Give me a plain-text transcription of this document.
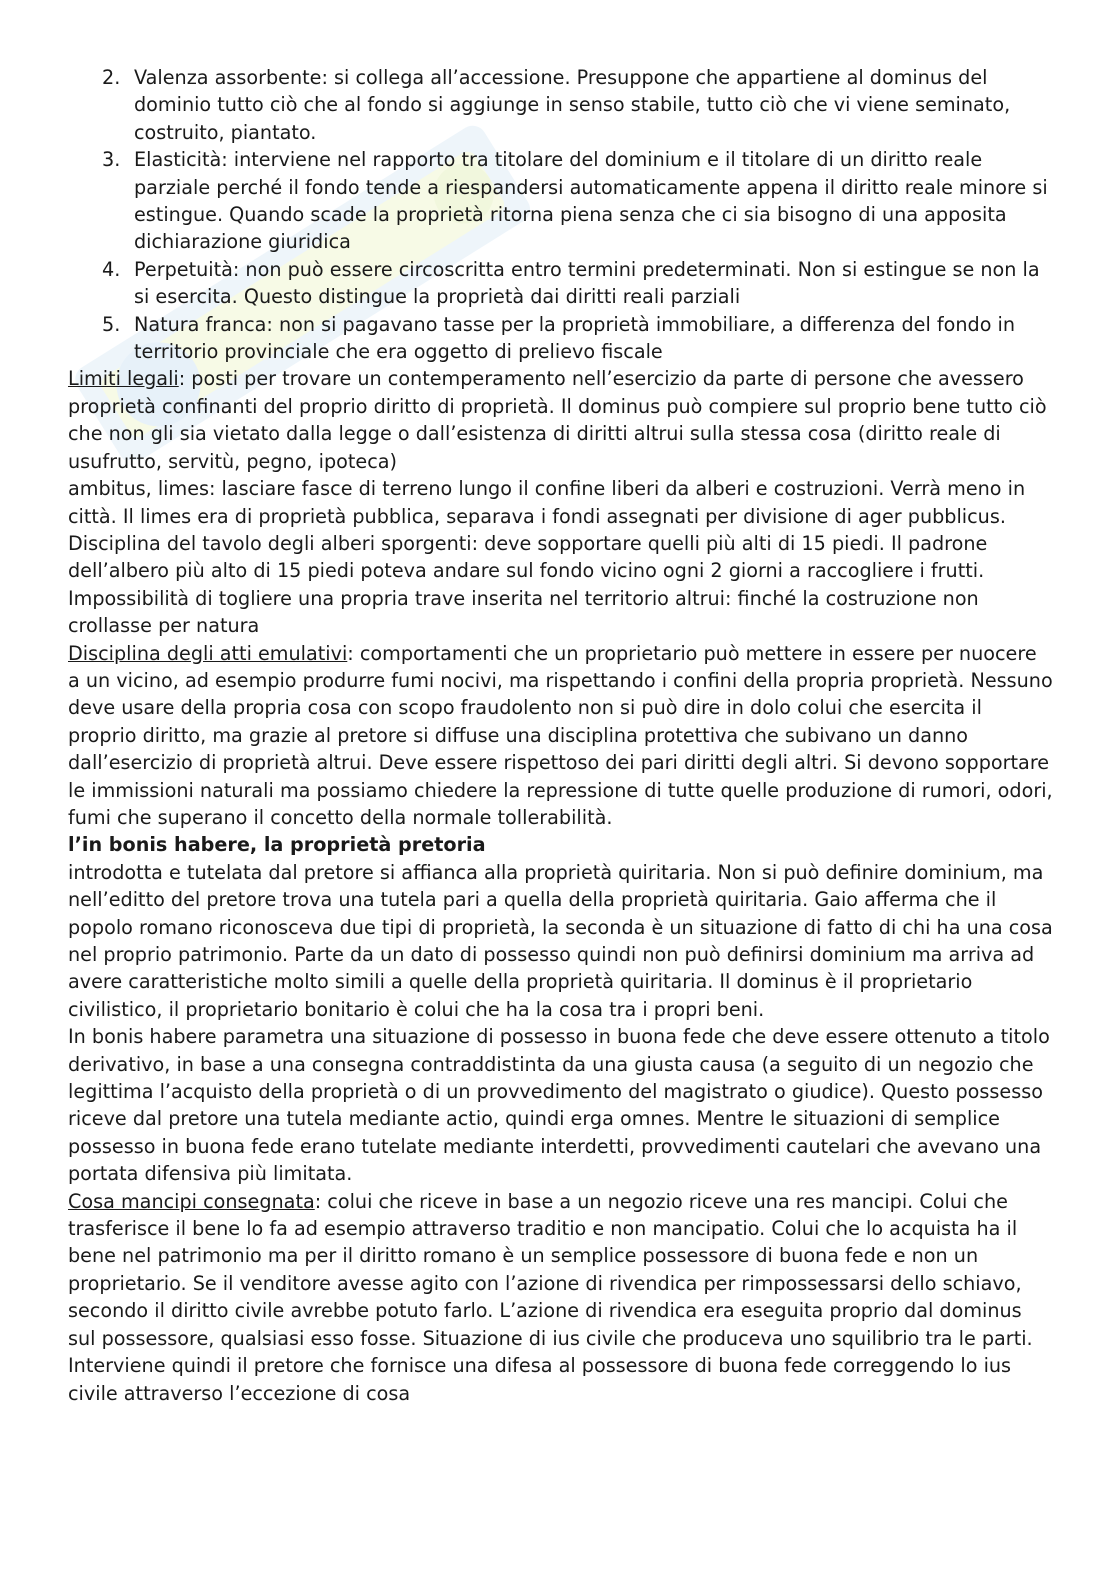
2. Valenza assorbente: si collega all’accessione. Presuppone che appartiene al dominus del dominio tutto ciò che al fondo si aggiunge in senso stabile, tutto ciò che vi viene seminato, costruito, piantato.
3. Elasticità: interviene nel rapporto tra titolare del dominium e il titolare di un diritto reale parziale perché il fondo tende a riespandersi automaticamente appena il diritto reale minore si estingue. Quando scade la proprietà ritorna piena senza che ci sia bisogno di una apposita dichiarazione giuridica
4. Perpetuità: non può essere circoscritta entro termini predeterminati. Non si estingue se non la si esercita. Questo distingue la proprietà dai diritti reali parziali
5. Natura franca: non si pagavano tasse per la proprietà immobiliare, a differenza del fondo in territorio provinciale che era oggetto di prelievo fiscale

Limiti legali: posti per trovare un contemperamento nell’esercizio da parte di persone che avessero proprietà confinanti del proprio diritto di proprietà. Il dominus può compiere sul proprio bene tutto ciò che non gli sia vietato dalla legge o dall’esistenza di diritti altrui sulla stessa cosa (diritto reale di usufrutto, servitù, pegno, ipoteca)

ambitus, limes: lasciare fasce di terreno lungo il confine liberi da alberi e costruzioni. Verrà meno in città. Il limes era di proprietà pubblica, separava i fondi assegnati per divisione di ager pubblicus.

Disciplina del tavolo degli alberi sporgenti: deve sopportare quelli più alti di 15 piedi. Il padrone dell’albero più alto di 15 piedi poteva andare sul fondo vicino ogni 2 giorni a raccogliere i frutti.

Impossibilità di togliere una propria trave inserita nel territorio altrui: finché la costruzione non crollasse per natura

Disciplina degli atti emulativi: comportamenti che un proprietario può mettere in essere per nuocere a un vicino, ad esempio produrre fumi nocivi, ma rispettando i confini della propria proprietà. Nessuno deve usare della propria cosa con scopo fraudolento non si può dire in dolo colui che esercita il proprio diritto, ma grazie al pretore si diffuse una disciplina protettiva che subivano un danno dall’esercizio di proprietà altrui. Deve essere rispettoso dei pari diritti degli altri. Si devono sopportare le immissioni naturali ma possiamo chiedere la repressione di tutte quelle produzione di rumori, odori, fumi che superano il concetto della normale tollerabilità.

l’in bonis habere, la proprietà pretoria

introdotta e tutelata dal pretore si affianca alla proprietà quiritaria. Non si può definire dominium, ma nell’editto del pretore trova una tutela pari a quella della proprietà quiritaria. Gaio afferma che il popolo romano riconosceva due tipi di proprietà, la seconda è un situazione di fatto di chi ha una cosa nel proprio patrimonio. Parte da un dato di possesso quindi non può definirsi dominium ma arriva ad avere caratteristiche molto simili a quelle della proprietà quiritaria. Il dominus è il proprietario civilistico, il proprietario bonitario è colui che ha la cosa tra i propri beni.

In bonis habere parametra una situazione di possesso in buona fede che deve essere ottenuto a titolo derivativo, in base a una consegna contraddistinta da una giusta causa (a seguito di un negozio che legittima l’acquisto della proprietà o di un provvedimento del magistrato o giudice). Questo possesso riceve dal pretore una tutela mediante actio, quindi erga omnes. Mentre le situazioni di semplice possesso in buona fede erano tutelate mediante interdetti, provvedimenti cautelari che avevano una portata difensiva più limitata.

Cosa mancipi consegnata: colui che riceve in base a un negozio riceve una res mancipi. Colui che trasferisce il bene lo fa ad esempio attraverso traditio e non mancipatio. Colui che lo acquista ha il bene nel patrimonio ma per il diritto romano è un semplice possessore di buona fede e non un proprietario. Se il venditore avesse agito con l’azione di rivendica per rimpossessarsi dello schiavo, secondo il diritto civile avrebbe potuto farlo. L’azione di rivendica era eseguita proprio dal dominus sul possessore, qualsiasi esso fosse. Situazione di ius civile che produceva uno squilibrio tra le parti. Interviene quindi il pretore che fornisce una difesa al possessore di buona fede correggendo lo ius civile attraverso l’eccezione di cosa
